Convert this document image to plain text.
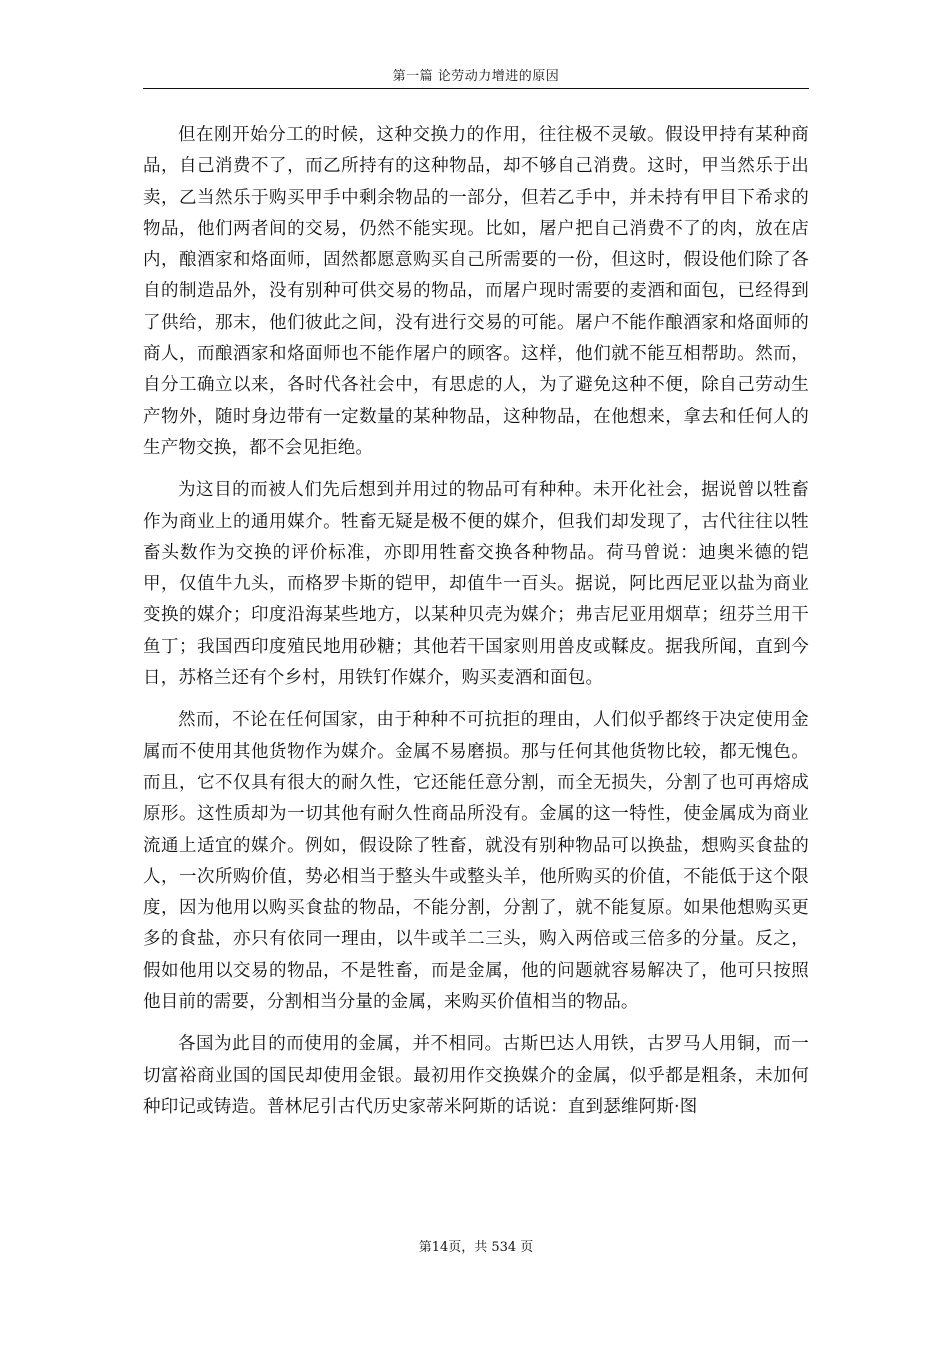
第一篇 论劳动力增进的原因

但在刚开始分工的时候，这种交换力的作用，往往极不灵敏。假设甲持有某种商品，自己消费不了，而乙所持有的这种物品，却不够自己消费。这时，甲当然乐于出卖，乙当然乐于购买甲手中剩余物品的一部分，但若乙手中，并未持有甲目下希求的物品，他们两者间的交易，仍然不能实现。比如，屠户把自己消费不了的肉，放在店内，酿酒家和烙面师，固然都愿意购买自己所需要的一份，但这时，假设他们除了各自的制造品外，没有别种可供交易的物品，而屠户现时需要的麦酒和面包，已经得到了供给，那末，他们彼此之间，没有进行交易的可能。屠户不能作酿酒家和烙面师的商人，而酿酒家和烙面师也不能作屠户的顾客。这样，他们就不能互相帮助。然而，自分工确立以来，各时代各社会中，有思虑的人，为了避免这种不便，除自己劳动生产物外，随时身边带有一定数量的某种物品，这种物品，在他想来，拿去和任何人的生产物交换，都不会见拒绝。

为这目的而被人们先后想到并用过的物品可有种种。未开化社会，据说曾以牲畜作为商业上的通用媒介。牲畜无疑是极不便的媒介，但我们却发现了，古代往往以牲畜头数作为交换的评价标准，亦即用牲畜交换各种物品。荷马曾说：迪奥米德的铠甲，仅值牛九头，而格罗卡斯的铠甲，却值牛一百头。据说，阿比西尼亚以盐为商业变换的媒介；印度沿海某些地方，以某种贝壳为媒介；弗吉尼亚用烟草；纽芬兰用干鱼丁；我国西印度殖民地用砂糖；其他若干国家则用兽皮或鞣皮。据我所闻，直到今日，苏格兰还有个乡村，用铁钉作媒介，购买麦酒和面包。

然而，不论在任何国家，由于种种不可抗拒的理由，人们似乎都终于决定使用金属而不使用其他货物作为媒介。金属不易磨损。那与任何其他货物比较，都无愧色。而且，它不仅具有很大的耐久性，它还能任意分割，而全无损失，分割了也可再熔成原形。这性质却为一切其他有耐久性商品所没有。金属的这一特性，使金属成为商业流通上适宜的媒介。例如，假设除了牲畜，就没有别种物品可以换盐，想购买食盐的人，一次所购价值，势必相当于整头牛或整头羊，他所购买的价值，不能低于这个限度，因为他用以购买食盐的物品，不能分割，分割了，就不能复原。如果他想购买更多的食盐，亦只有依同一理由，以牛或羊二三头，购入两倍或三倍多的分量。反之，假如他用以交易的物品，不是牲畜，而是金属，他的问题就容易解决了，他可只按照他目前的需要，分割相当分量的金属，来购买价值相当的物品。

各国为此目的而使用的金属，并不相同。古斯巴达人用铁，古罗马人用铜，而一切富裕商业国的国民却使用金银。最初用作交换媒介的金属，似乎都是粗条，未加何种印记或铸造。普林尼引古代历史家蒂米阿斯的话说：直到瑟维阿斯·图

第14页，共 534 页
